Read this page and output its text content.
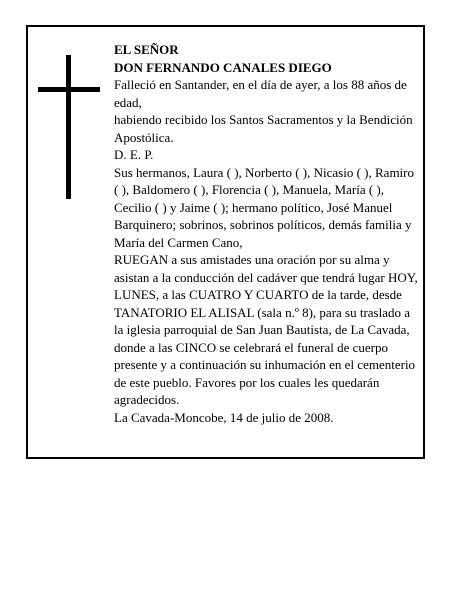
EL SEÑOR

DON FERNANDO CANALES DIEGO

Falleció en Santander, en el día de ayer, a los 88 años de edad,

habiendo recibido los Santos Sacramentos y la Bendición Apostólica.

D. E. P.

Sus hermanos, Laura ( ), Norberto ( ), Nicasio ( ), Ramiro ( ), Baldomero ( ), Florencia ( ), Manuela, María ( ), Cecilio ( ) y Jaime ( ); hermano político, José Manuel Barquinero; sobrinos, sobrinos políticos, demás familia y María del Carmen Cano,

RUEGAN a sus amistades una oración por su alma y asistan a la conducción del cadáver que tendrá lugar HOY, LUNES, a las CUATRO Y CUARTO de la tarde, desde TANATORIO EL ALISAL (sala n.º 8), para su traslado a la iglesia parroquial de San Juan Bautista, de La Cavada, donde a las CINCO se celebrará el funeral de cuerpo presente y a continuación su inhumación en el cementerio de este pueblo. Favores por los cuales les quedarán agradecidos.

La Cavada-Moncobe, 14 de julio de 2008.
